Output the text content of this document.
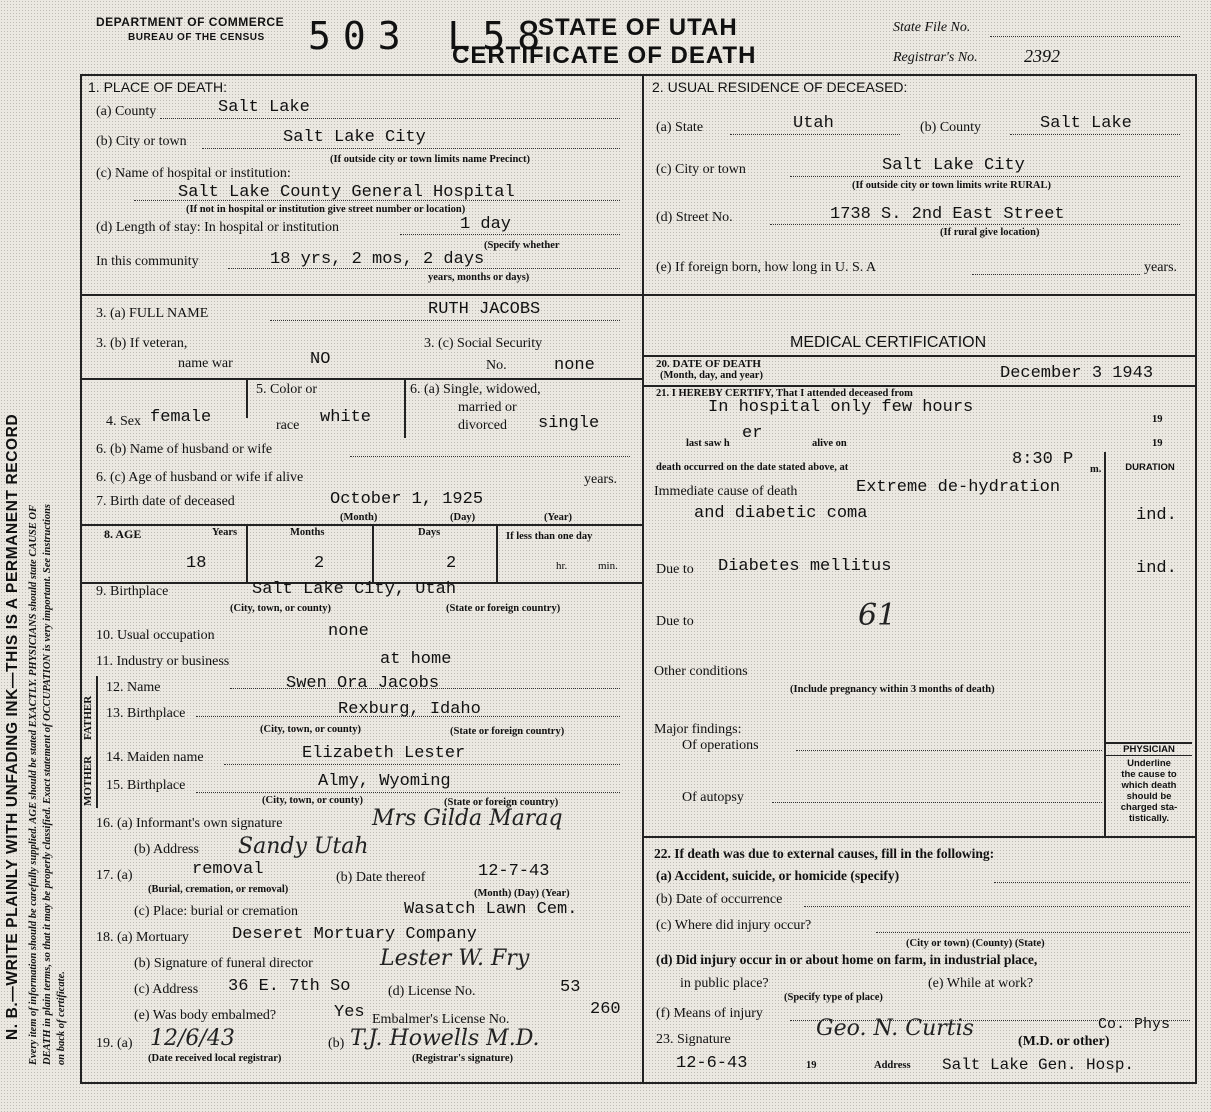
N. B.—WRITE PLAINLY WITH UNFADING INK—THIS IS A PERMANENT RECORD Every item of information should be carefully supplied. AGE should be stated EXACTLY. PHYSICIANS should state CAUSE OF DEATH in plain terms, so that it may be properly classified. Exact statement of OCCUPATION is very important. See instructions on back of certificate.
DEPARTMENT OF COMMERCE
BUREAU OF THE CENSUS 503 L58
STATE OF UTAH
CERTIFICATE OF DEATH
State File No.
Registrar's No.	2392
1. PLACE OF DEATH:
(a) County	Salt Lake
(b) City or town	Salt Lake City
(If outside city or town limits name Precinct)
(c) Name of hospital or institution:
Salt Lake County General Hospital
(If not in hospital or institution give street number or location)
(d) Length of stay: In hospital or institution	1 day
(Specify whether
In this community	18 yrs, 2 mos, 2 days
years, months or days)
2. USUAL RESIDENCE OF DECEASED:
(a) State	Utah	(b) County	Salt Lake
(c) City or town	Salt Lake City
(If outside city or town limits write RURAL)
(d) Street No.	1738 S. 2nd East Street
(If rural give location)
(e) If foreign born, how long in U. S. A	years.
3. (a) FULL NAME	RUTH JACOBS
3. (b) If veteran,
name war	NO
3. (c) Social Security
No.	none
4. Sex female
5. Color or
race white
6. (a) Single, widowed,
married or
divorced single
6. (b) Name of husband or wife
6. (c) Age of husband or wife if alive	years.
7. Birth date of deceased	October 1, 1925
(Month)	(Day)	(Year)
8. AGE	Years	Months	Days	If less than one day
18	2	2	hr.	min.
9. Birthplace	Salt Lake City, Utah
(City, town, or county)	(State or foreign country)
10. Usual occupation	none
11. Industry or business	at home
FATHER
MOTHER
12. Name	Swen Ora Jacobs
13. Birthplace	Rexburg, Idaho
(City, town, or county)	(State or foreign country)
14. Maiden name	Elizabeth Lester
15. Birthplace	Almy, Wyoming
(City, town, or county)	(State or foreign country)
16. (a) Informant's own signature	Mrs Gilda Maraq
(b) Address Sandy Utah
17. (a)	removal
(Burial, cremation, or removal)
(b) Date thereof	12-7-43
(Month) (Day) (Year)
(c) Place: burial or cremation	Wasatch Lawn Cem.
18. (a) Mortuary	Deseret Mortuary Company
(b) Signature of funeral director	Lester W. Fry
(c) Address 36 E. 7th So	(d) License No.	53
(e) Was body embalmed?	Yes Embalmer's License No.
260
19. (a) 12/6/43
(Date received local registrar)
(b) T.J. Howells M.D.
(Registrar's signature)
MEDICAL CERTIFICATION
20. DATE OF DEATH
(Month, day, and year)	December 3 1943
21. I HEREBY CERTIFY, That I attended deceased from
In hospital only few hours
19
last saw h
er
alive on	19
death occurred on the date stated above, at	8:30 P
m.	DURATION
Immediate cause of death	Extreme de-hydration
and diabetic coma	ind.
Due to Diabetes mellitus	ind.
Due to	61
Other conditions
(Include pregnancy within 3 months of death)
Major findings:
Of operations
Of autopsy
PHYSICIAN
Underline
the cause to
which death
should be
charged sta-
tistically.
22. If death was due to external causes, fill in the following:
(a) Accident, suicide, or homicide (specify)
(b) Date of occurrence
(c) Where did injury occur?
(City or town) (County) (State)
(d) Did injury occur in or about home on farm, in industrial place,
in public place?
(Specify type of place)
(e) While at work?
(f) Means of injury
23. Signature	Geo. N. Curtis	Co. Phys
(M.D. or other)
12-6-43	19	Address Salt Lake Gen. Hosp.
